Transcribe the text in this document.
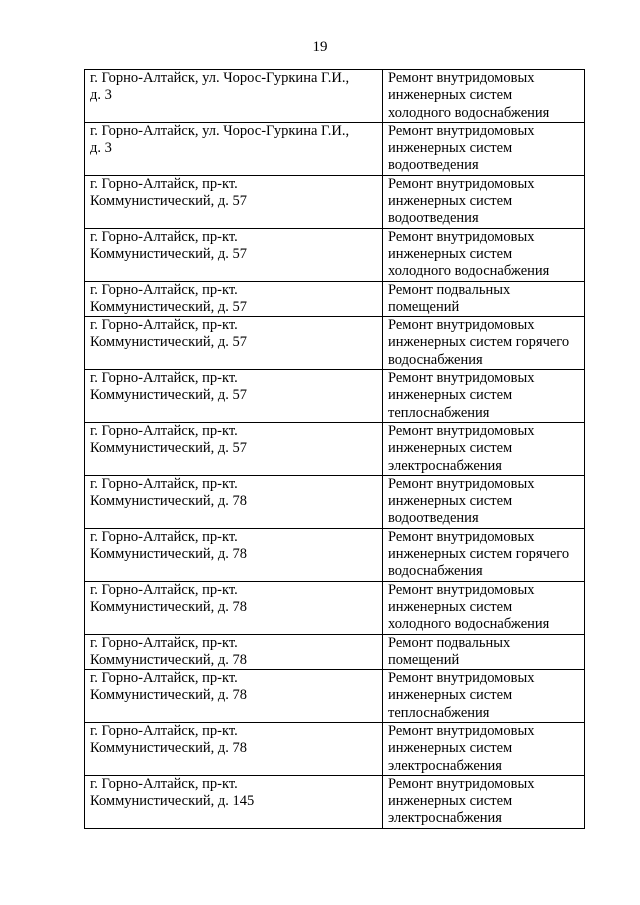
19
г. Горно-Алтайск, ул. Чорос-Гуркина Г.И.,
д. 3	Ремонт внутридомовых
инженерных систем
холодного водоснабжения
г. Горно-Алтайск, ул. Чорос-Гуркина Г.И.,
д. 3	Ремонт внутридомовых
инженерных систем
водоотведения
г. Горно-Алтайск, пр-кт.
Коммунистический, д. 57	Ремонт внутридомовых
инженерных систем
водоотведения
г. Горно-Алтайск, пр-кт.
Коммунистический, д. 57	Ремонт внутридомовых
инженерных систем
холодного водоснабжения
г. Горно-Алтайск, пр-кт.
Коммунистический, д. 57	Ремонт подвальных
помещений
г. Горно-Алтайск, пр-кт.
Коммунистический, д. 57	Ремонт внутридомовых
инженерных систем горячего
водоснабжения
г. Горно-Алтайск, пр-кт.
Коммунистический, д. 57	Ремонт внутридомовых
инженерных систем
теплоснабжения
г. Горно-Алтайск, пр-кт.
Коммунистический, д. 57	Ремонт внутридомовых
инженерных систем
электроснабжения
г. Горно-Алтайск, пр-кт.
Коммунистический, д. 78	Ремонт внутридомовых
инженерных систем
водоотведения
г. Горно-Алтайск, пр-кт.
Коммунистический, д. 78	Ремонт внутридомовых
инженерных систем горячего
водоснабжения
г. Горно-Алтайск, пр-кт.
Коммунистический, д. 78	Ремонт внутридомовых
инженерных систем
холодного водоснабжения
г. Горно-Алтайск, пр-кт.
Коммунистический, д. 78	Ремонт подвальных
помещений
г. Горно-Алтайск, пр-кт.
Коммунистический, д. 78	Ремонт внутридомовых
инженерных систем
теплоснабжения
г. Горно-Алтайск, пр-кт.
Коммунистический, д. 78	Ремонт внутридомовых
инженерных систем
электроснабжения
г. Горно-Алтайск, пр-кт.
Коммунистический, д. 145	Ремонт внутридомовых
инженерных систем
электроснабжения
